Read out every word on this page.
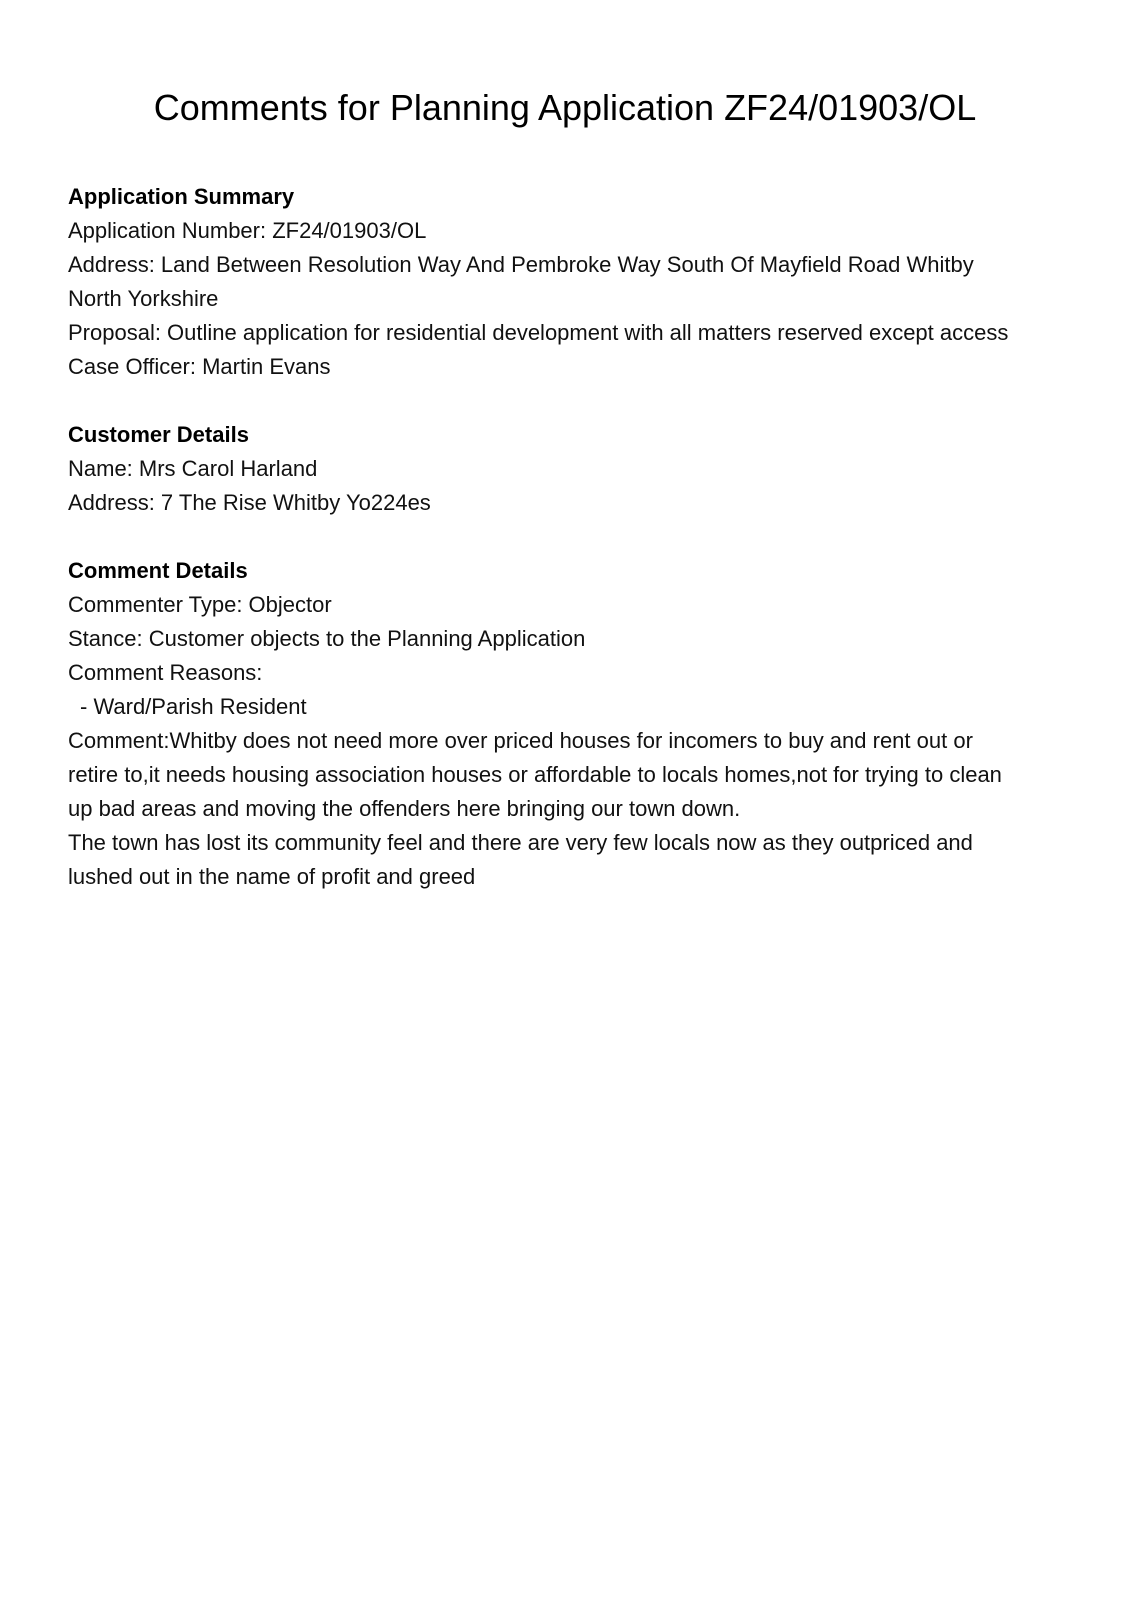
Comments for Planning Application ZF24/01903/OL
Application Summary
Application Number: ZF24/01903/OL
Address: Land Between Resolution Way And Pembroke Way South Of Mayfield Road Whitby
North Yorkshire
Proposal: Outline application for residential development with all matters reserved except access
Case Officer: Martin Evans
Customer Details
Name: Mrs Carol Harland
Address: 7 The Rise Whitby Yo224es
Comment Details
Commenter Type: Objector
Stance: Customer objects to the Planning Application
Comment Reasons:
- Ward/Parish Resident
Comment:Whitby does not need more over priced houses for incomers to buy and rent out or
retire to,it needs housing association houses or affordable to locals homes,not for trying to clean
up bad areas and moving the offenders here bringing our town down.
The town has lost its community feel and there are very few locals now as they outpriced and
lushed out in the name of profit and greed
